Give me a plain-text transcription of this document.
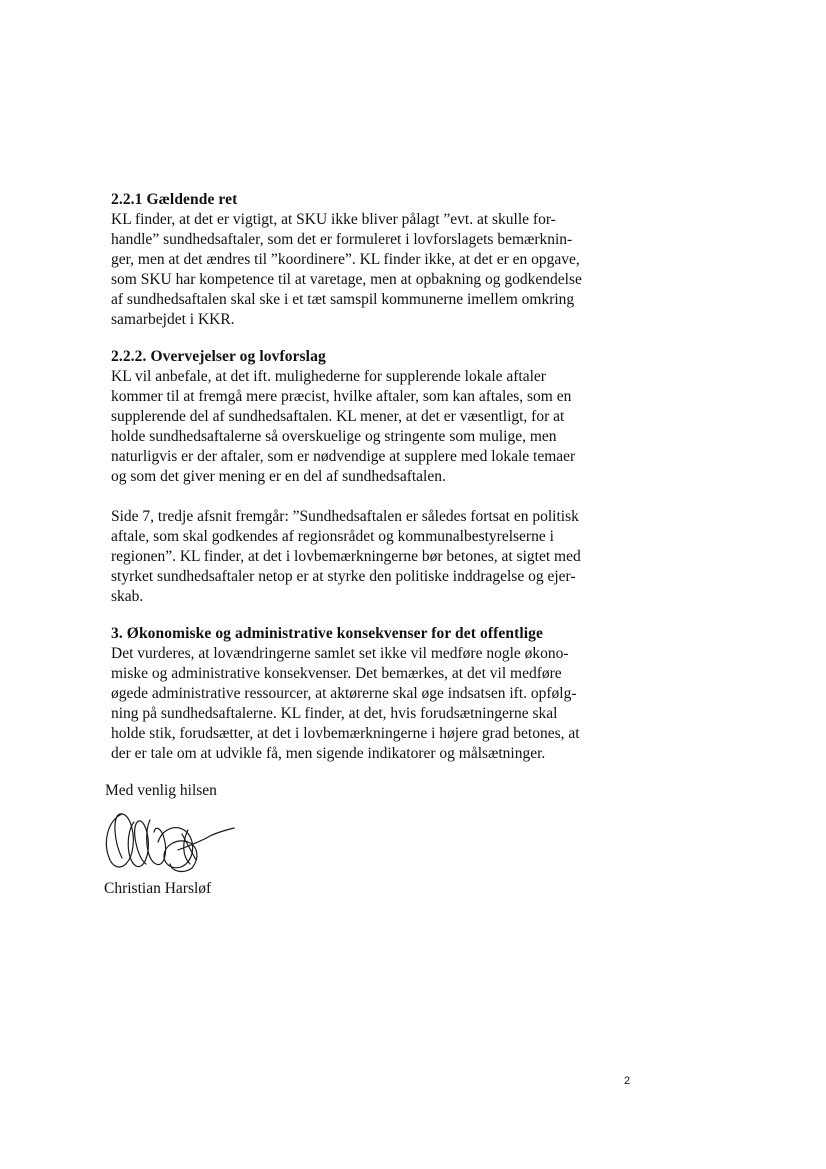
2.2.1 Gældende ret

KL finder, at det er vigtigt, at SKU ikke bliver pålagt ”evt. at skulle for-
handle” sundhedsaftaler, som det er formuleret i lovforslagets bemærknin-
ger, men at det ændres til ”koordinere”. KL finder ikke, at det er en opgave,
som SKU har kompetence til at varetage, men at opbakning og godkendelse
af sundhedsaftalen skal ske i et tæt samspil kommunerne imellem omkring
samarbejdet i KKR.

2.2.2. Overvejelser og lovforslag

KL vil anbefale, at det ift. mulighederne for supplerende lokale aftaler
kommer til at fremgå mere præcist, hvilke aftaler, som kan aftales, som en
supplerende del af sundhedsaftalen. KL mener, at det er væsentligt, for at
holde sundhedsaftalerne så overskuelige og stringente som mulige, men
naturligvis er der aftaler, som er nødvendige at supplere med lokale temaer
og som det giver mening er en del af sundhedsaftalen.

Side 7, tredje afsnit fremgår: ”Sundhedsaftalen er således fortsat en politisk
aftale, som skal godkendes af regionsrådet og kommunalbestyrelserne i
regionen”. KL finder, at det i lovbemærkningerne bør betones, at sigtet med
styrket sundhedsaftaler netop er at styrke den politiske inddragelse og ejer-
skab.

3. Økonomiske og administrative konsekvenser for det offentlige

Det vurderes, at lovændringerne samlet set ikke vil medføre nogle økono-
miske og administrative konsekvenser. Det bemærkes, at det vil medføre
øgede administrative ressourcer, at aktørerne skal øge indsatsen ift. opfølg-
ning på sundhedsaftalerne. KL finder, at det, hvis forudsætningerne skal
holde stik, forudsætter, at det i lovbemærkningerne i højere grad betones, at
der er tale om at udvikle få, men sigende indikatorer og målsætninger.

Med venlig hilsen

Christian Harsløf

2
